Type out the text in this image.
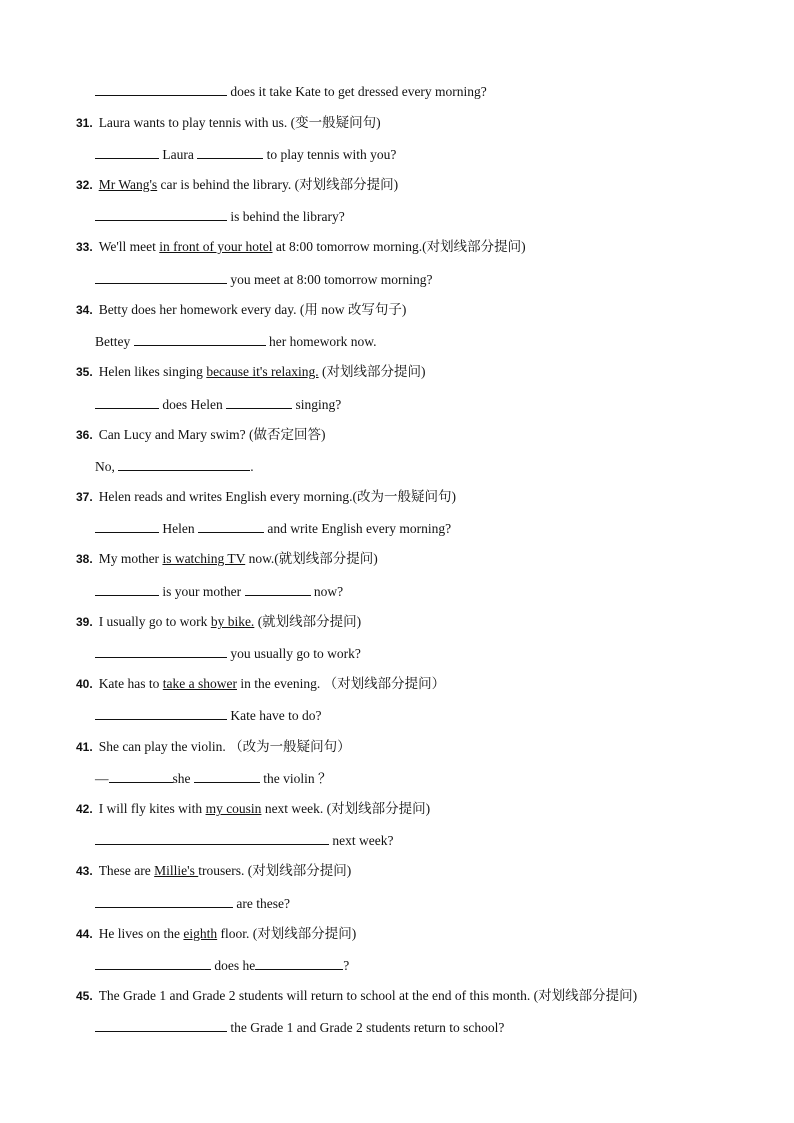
does it take Kate to get dressed every morning?
31. Laura wants to play tennis with us. (变一般疑问句)
Laura	to play tennis with you?
32. Mr Wang's car is behind the library. (对划线部分提问)
is behind the library?
33. We'll meet in front of your hotel at 8:00 tomorrow morning.(对划线部分提问)
you meet at 8:00 tomorrow morning?
34. Betty does her homework every day. (用 now 改写句子)
Bettey	her homework now.
35. Helen likes singing because it's relaxing. (对划线部分提问)
does Helen	singing?
36. Can Lucy and Mary swim? (做否定回答)
No,	.
37. Helen reads and writes English every morning.(改为一般疑问句)
Helen	and write English every morning?
38. My mother is watching TV now.(就划线部分提问)
is your mother	now?
39. I usually go to work by bike. (就划线部分提问)
you usually go to work?
40. Kate has to take a shower in the evening. （对划线部分提问）
Kate have to do?
41. She can play the violin. （改为一般疑问句）
—	she	the violin ？
42. I will fly kites with my cousin next week. (对划线部分提问)
next week?
43. These are Millie's trousers. (对划线部分提问)
are these?
44. He lives on the eighth floor. (对划线部分提问)
does he	?
45. The Grade 1 and Grade 2 students will return to school at the end of this month. (对划线部分提问)
the Grade 1 and Grade 2 students return to school?
